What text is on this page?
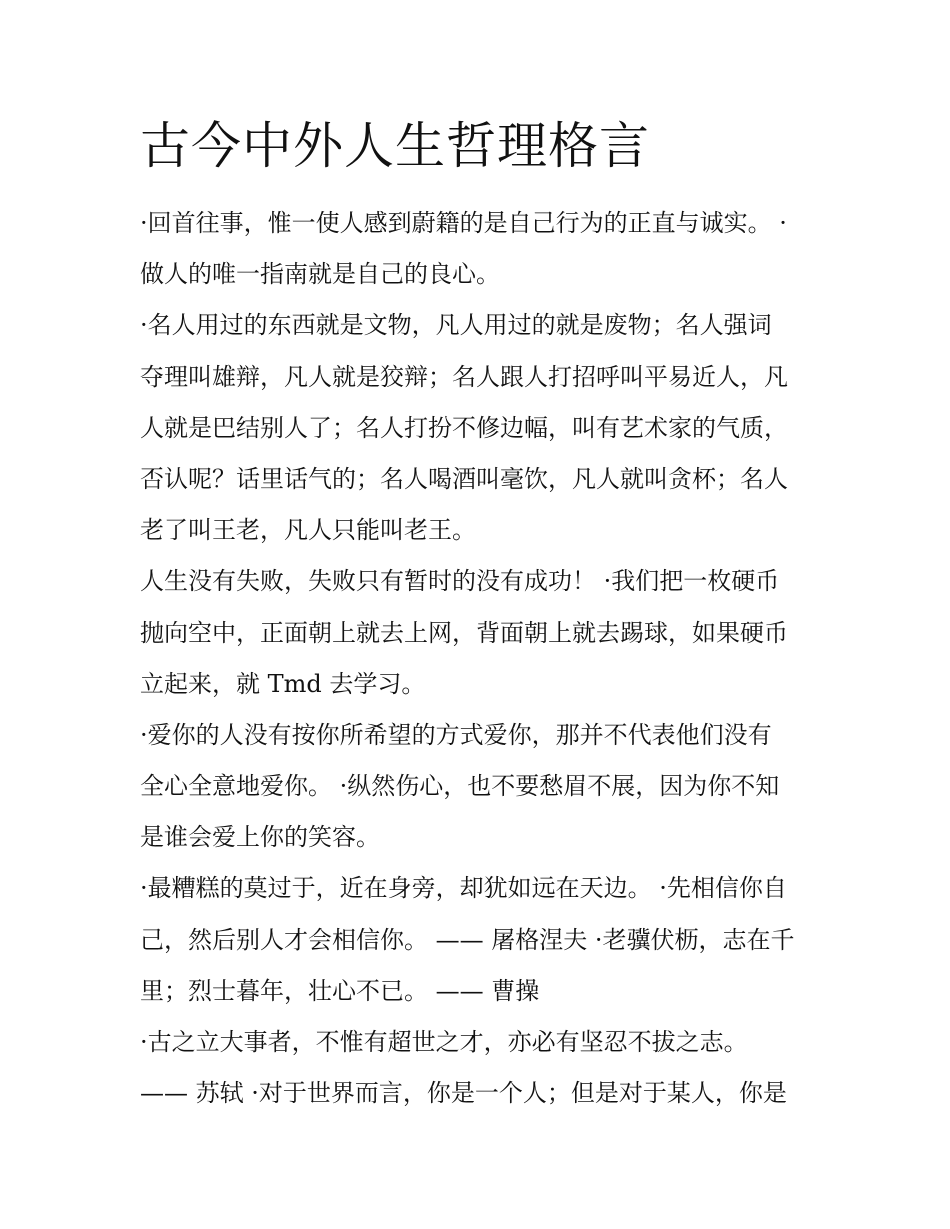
古今中外人生哲理格言
·回首往事，惟一使人感到蔚籍的是自己行为的正直与诚实。 ·
做人的唯一指南就是自己的良心。
·名人用过的东西就是文物，凡人用过的就是废物；名人强词
夺理叫雄辩，凡人就是狡辩；名人跟人打招呼叫平易近人，凡
人就是巴结别人了；名人打扮不修边幅，叫有艺术家的气质，
否认呢？话里话气的；名人喝酒叫毫饮，凡人就叫贪杯；名人
老了叫王老，凡人只能叫老王。
人生没有失败，失败只有暂时的没有成功！ ·我们把一枚硬币
抛向空中，正面朝上就去上网，背面朝上就去踢球，如果硬币
立起来，就 Tmd 去学习。
·爱你的人没有按你所希望的方式爱你，那并不代表他们没有
全心全意地爱你。 ·纵然伤心，也不要愁眉不展，因为你不知
是谁会爱上你的笑容。
·最糟糕的莫过于，近在身旁，却犹如远在天边。 ·先相信你自
己，然后别人才会相信你。 —— 屠格涅夫 ·老骥伏枥，志在千
里；烈士暮年，壮心不已。 —— 曹操
·古之立大事者，不惟有超世之才，亦必有坚忍不拔之志。
—— 苏轼 ·对于世界而言，你是一个人；但是对于某人，你是
